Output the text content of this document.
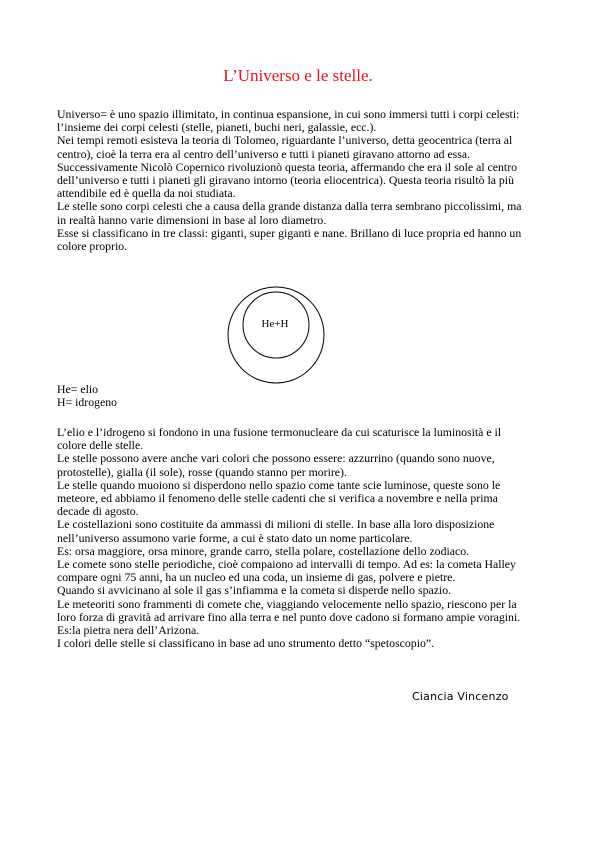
L’Universo e le stelle.
Universo= è uno spazio illimitato, in continua espansione, in cui sono immersi tutti i corpi celesti:
l’insieme dei corpi celesti (stelle, pianeti, buchi neri, galassie, ecc.).
Nei tempi remoti esisteva la teoria di Tolomeo, riguardante l’universo, detta geocentrica (terra al
centro), cioè la terra era al centro dell’universo e tutti i pianeti giravano attorno ad essa.
Successivamente Nicolò Copernico rivoluzionò questa teoria, affermando che era il sole al centro
dell’universo e tutti i pianeti gli giravano intorno (teoria eliocentrica). Questa teoria risultò la più
attendibile ed è quella da noi studiata.
Le stelle sono corpi celesti che a causa della grande distanza dalla terra sembrano piccolissimi, ma
in realtà hanno varie dimensioni in base al loro diametro.
Esse si classificano in tre classi: giganti, super giganti e nane. Brillano di luce propria ed hanno un
colore proprio.
He+H
He= elio
H= idrogeno
L’elio e l’idrogeno si fondono in una fusione termonucleare da cui scaturisce la luminosità e il
colore delle stelle.
Le stelle possono avere anche vari colori che possono essere: azzurrino (quando sono nuove,
protostelle), gialla (il sole), rosse (quando stanno per morire).
Le stelle quando muoiono si disperdono nello spazio come tante scie luminose, queste sono le
meteore, ed abbiamo il fenomeno delle stelle cadenti che si verifica a novembre e nella prima
decade di agosto.
Le costellazioni sono costituite da ammassi di milioni di stelle. In base alla loro disposizione
nell’universo assumono varie forme, a cui è stato dato un nome particolare.
Es: orsa maggiore, orsa minore, grande carro, stella polare, costellazione dello zodiaco.
Le comete sono stelle periodiche, cioè compaiono ad intervalli di tempo. Ad es: la cometa Halley
compare ogni 75 anni, ha un nucleo ed una coda, un insieme di gas, polvere e pietre.
Quando si avvicinano al sole il gas s’infiamma e la cometa si disperde nello spazio.
Le meteoriti sono frammenti di comete che, viaggiando velocemente nello spazio, riescono per la
loro forza di gravità ad arrivare fino alla terra e nel punto dove cadono si formano ampie voragini.
Es:la pietra nera dell’Arizona.
I colori delle stelle si classificano in base ad uno strumento detto “spetoscopio”.
Ciancia Vincenzo
